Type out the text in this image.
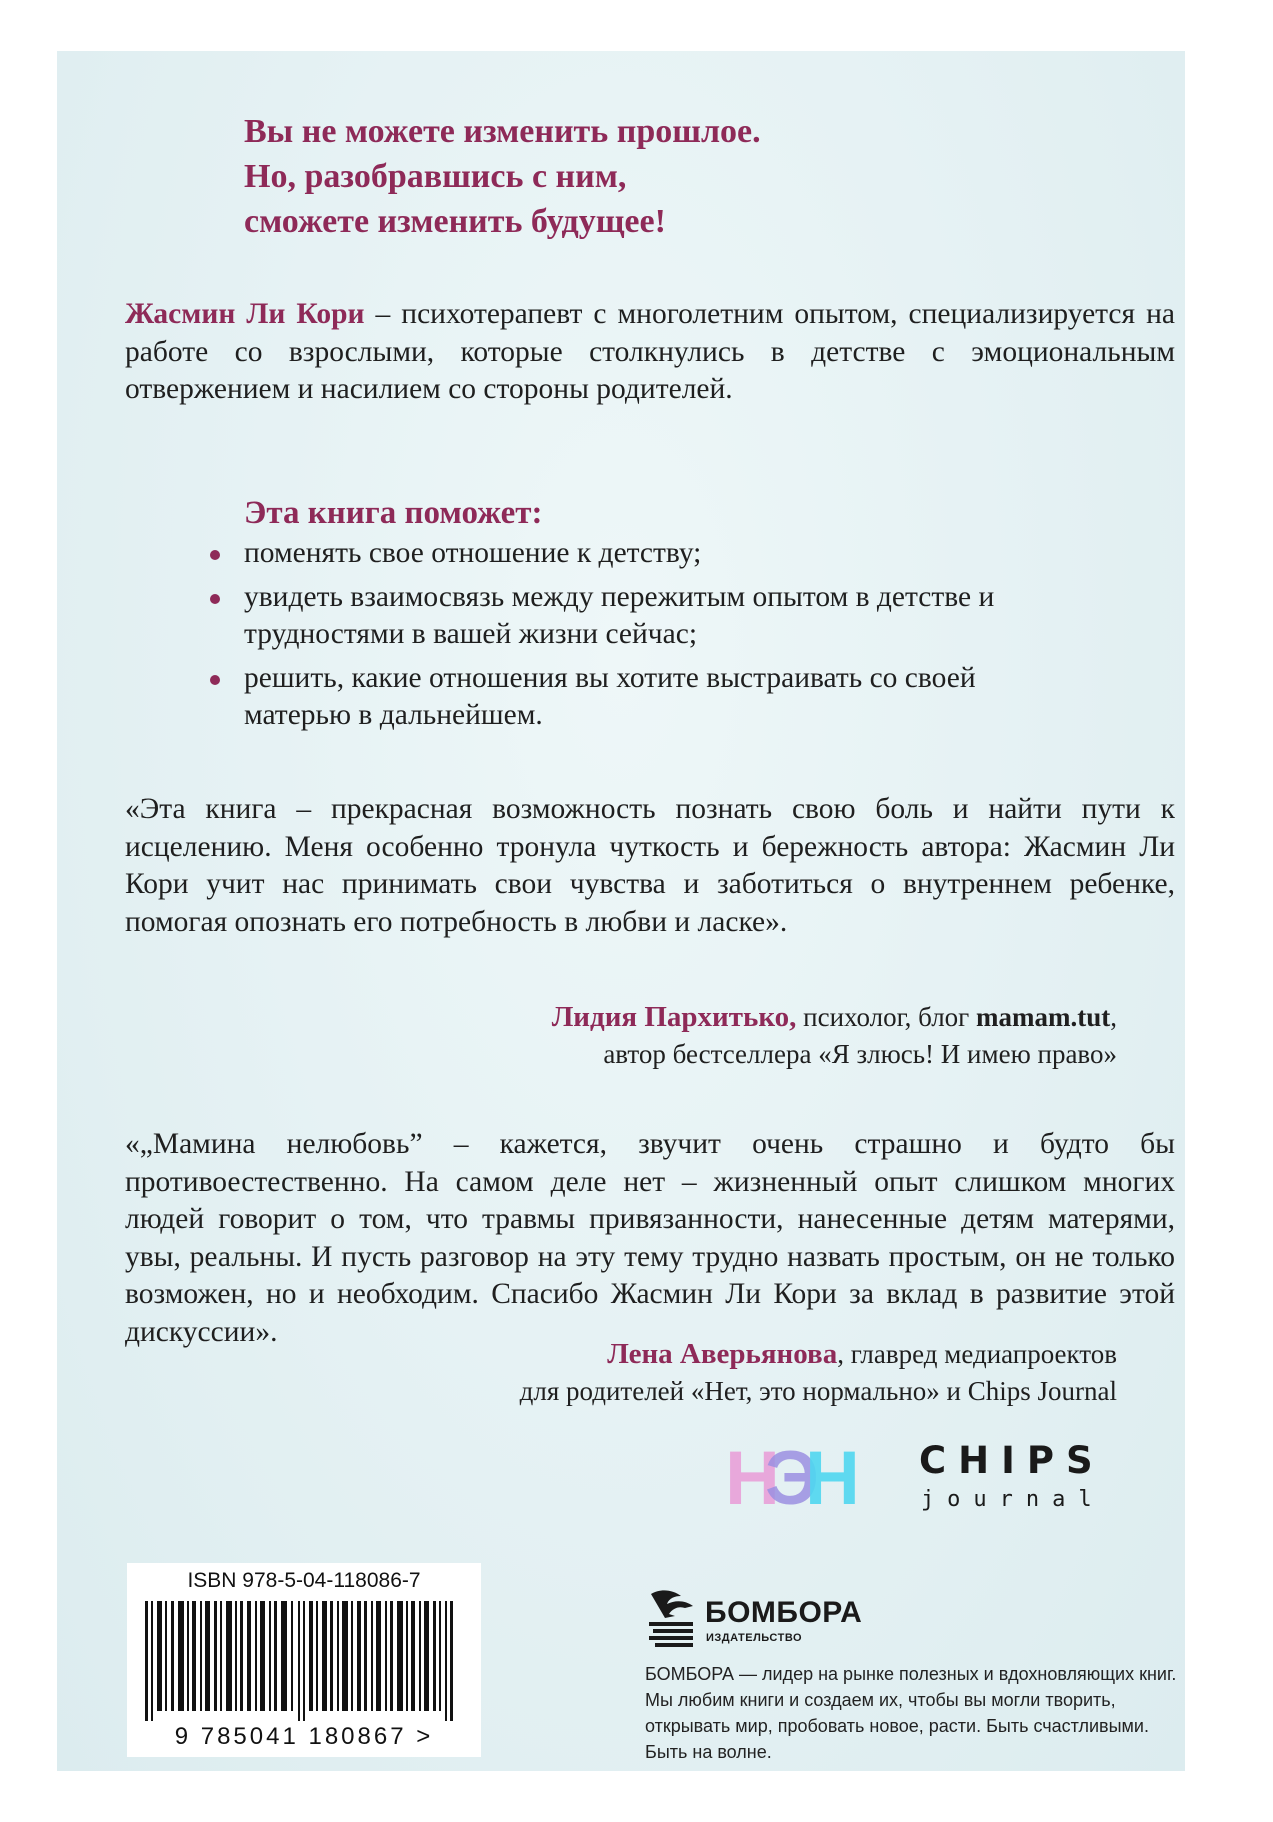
Вы не можете изменить прошлое.
Но, разобравшись с ним,
сможете изменить будущее!
Жасмин Ли Кори – психотерапевт с многолетним опытом, специализируется на работе со взрослыми, которые столкнулись в детстве с эмоциональным отвержением и насилием со стороны родителей.
Эта книга поможет:
поменять свое отношение к детству;
увидеть взаимосвязь между пережитым опытом в детстве и трудностями в вашей жизни сейчас;
решить, какие отношения вы хотите выстраивать со своей матерью в дальнейшем.
«Эта книга – прекрасная возможность познать свою боль и найти пути к исцелению. Меня особенно тронула чуткость и бережность автора: Жасмин Ли Кори учит нас принимать свои чувства и заботиться о внутреннем ребенке, помогая опознать его потребность в любви и ласке».
Лидия Пархитько, психолог, блог mamam.tut,
автор бестселлера «Я злюсь! И имею право»
«„Мамина нелюбовь” – кажется, звучит очень страшно и будто бы противоестественно. На самом деле нет – жизненный опыт слишком многих людей говорит о том, что травмы привязанности, нанесенные детям матерями, увы, реальны. И пусть разговор на эту тему трудно назвать простым, он не только возможен, но и необходим. Спасибо Жасмин Ли Кори за вклад в развитие этой дискуссии».
Лена Аверьянова, главред медиапроектов
для родителей «Нет, это нормально» и Chips Journal
Н
Э
Н CHIPS
journal
ISBN 978-5-04-118086-7
9 785041 180867 >
БОМБОРА
ИЗДАТЕЛЬСТВО
БОМБОРА — лидер на рынке полезных и вдохновляющих книг. Мы любим книги и создаем их, чтобы вы могли творить, открывать мир, пробовать новое, расти. Быть счастливыми. Быть на волне.
